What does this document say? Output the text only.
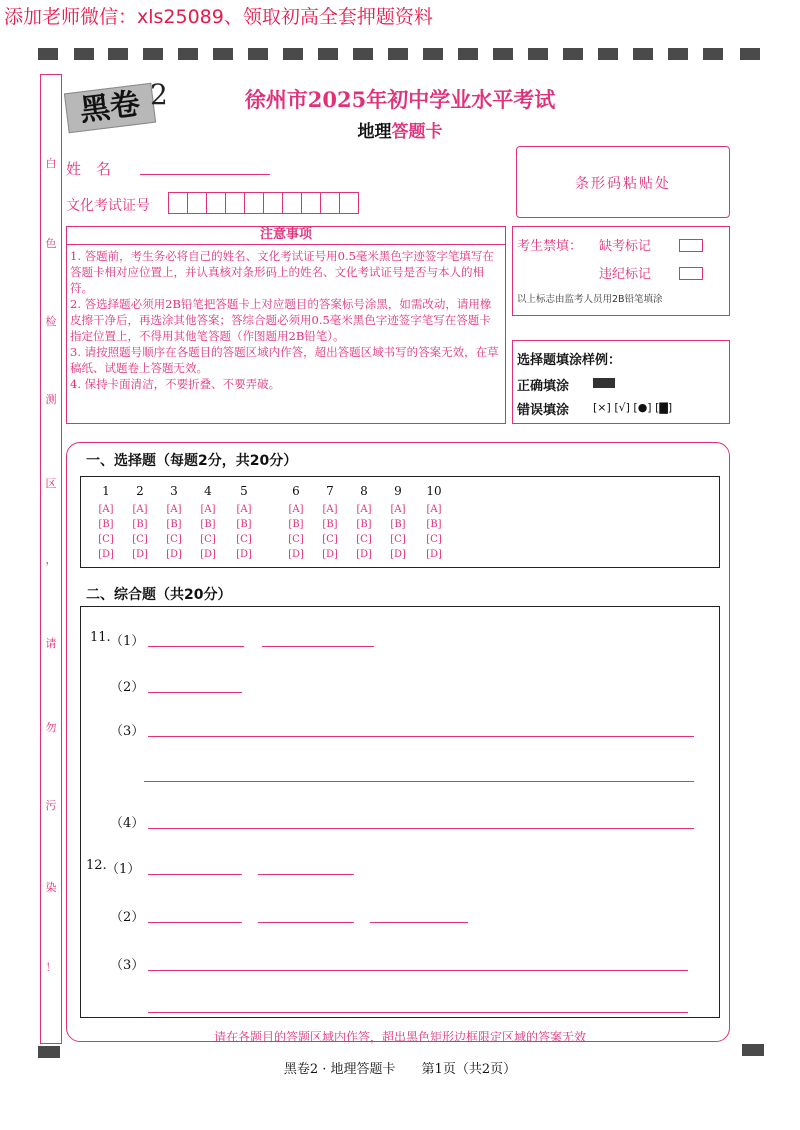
添加老师微信：xls25089、领取初高全套押题资料
白
色
检
测
区
，
请
勿
污
染
！
黑卷 2	徐州市2025年初中学业水平考试
地理答题卡
姓　名
文化考试证号
条形码粘贴处
注意事项
1. 答题前，考生务必将自己的姓名、文化考试证号用0.5毫米黑色字迹签字笔填写在答题卡相对应位置上，并认真核对条形码上的姓名、文化考试证号是否与本人的相符。
2. 答选择题必须用2B铅笔把答题卡上对应题目的答案标号涂黑，如需改动，请用橡皮擦干净后，再选涂其他答案；答综合题必须用0.5毫米黑色字迹签字笔写在答题卡指定位置上，不得用其他笔答题（作图题用2B铅笔）。
3. 请按照题号顺序在各题目的答题区域内作答，超出答题区域书写的答案无效，在草稿纸、试题卷上答题无效。
4. 保持卡面清洁，不要折叠、不要弄破。
考生禁填： 缺考标记
违纪标记
以上标志由监考人员用2B铅笔填涂
选择题填涂样例：
正确填涂
错误填涂 [×] [√] [●] [▇]
一、选择题（每题2分，共20分）
1
[A]
[B]
[C]
[D]
2
[A]
[B]
[C]
[D]
3
[A]
[B]
[C]
[D]
4
[A]
[B]
[C]
[D]
5
[A]
[B]
[C]
[D]
6
[A]
[B]
[C]
[D]
7
[A]
[B]
[C]
[D]
8
[A]
[B]
[C]
[D]
9
[A]
[B]
[C]
[D]
10
[A]
[B]
[C]
[D]
二、综合题（共20分）
11. （1）
（2）
（3）
（4）
12. （1）
（2）
（3）
请在各题目的答题区域内作答，超出黑色矩形边框限定区域的答案无效
黑卷2 · 地理答题卡　　第1页（共2页）
